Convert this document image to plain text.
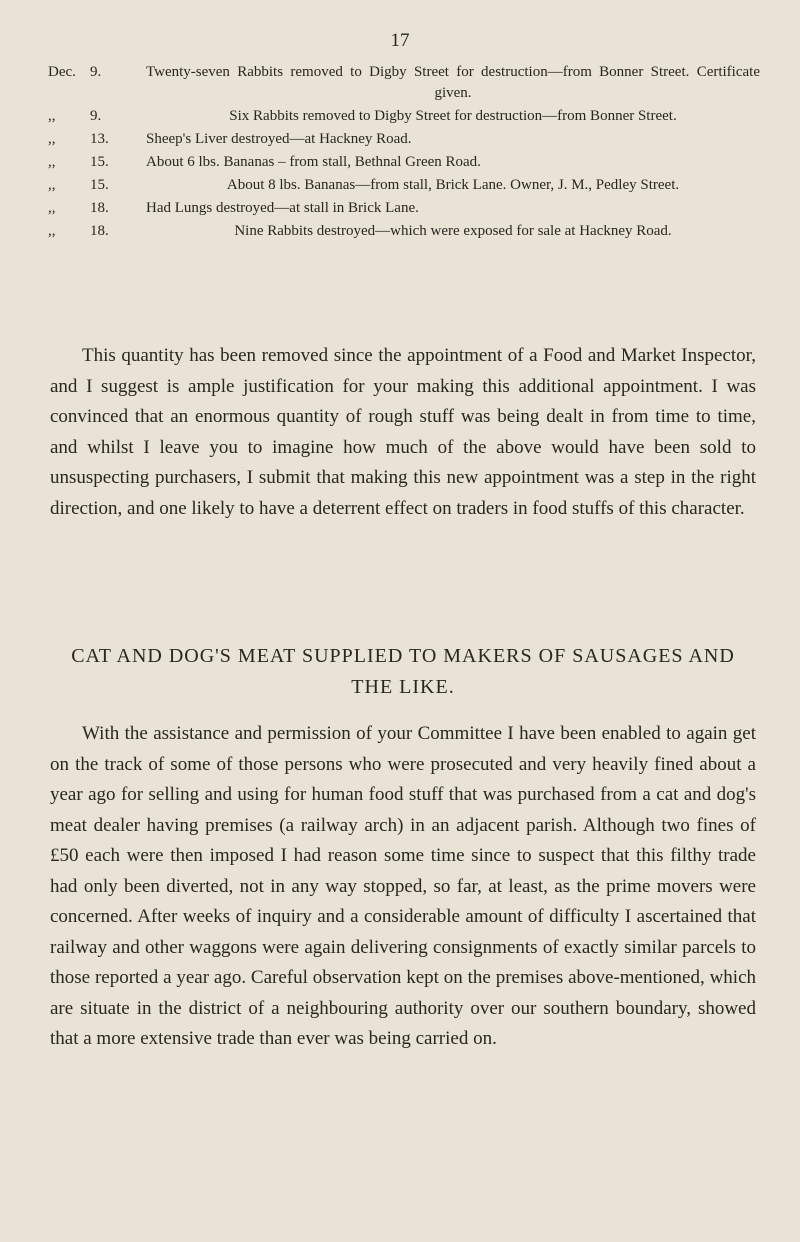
17
Dec. 9.	Twenty-seven Rabbits removed to Digby Street for destruction—from Bonner Street. Certificate given.
,,	9.	Six Rabbits removed to Digby Street for destruction—from Bonner Street.
,,	13.	Sheep's Liver destroyed—at Hackney Road.
,,	15.	About 6 lbs. Bananas – from stall, Bethnal Green Road.
,,	15.	About 8 lbs. Bananas—from stall, Brick Lane. Owner, J. M., Pedley Street.
,,	18.	Had Lungs destroyed—at stall in Brick Lane.
,,	18.	Nine Rabbits destroyed—which were exposed for sale at Hackney Road.

This quantity has been removed since the appointment of a Food and Market Inspector, and I suggest is ample justification for your making this additional appointment. I was convinced that an enormous quantity of rough stuff was being dealt in from time to time, and whilst I leave you to imagine how much of the above would have been sold to unsuspecting purchasers, I submit that making this new appointment was a step in the right direction, and one likely to have a deterrent effect on traders in food stuffs of this character.

CAT AND DOG'S MEAT SUPPLIED TO MAKERS OF SAUSAGES AND THE LIKE.

With the assistance and permission of your Committee I have been enabled to again get on the track of some of those persons who were prosecuted and very heavily fined about a year ago for selling and using for human food stuff that was purchased from a cat and dog's meat dealer having premises (a railway arch) in an adjacent parish. Although two fines of £50 each were then imposed I had reason some time since to suspect that this filthy trade had only been diverted, not in any way stopped, so far, at least, as the prime movers were concerned. After weeks of inquiry and a considerable amount of difficulty I ascertained that railway and other waggons were again delivering consignments of exactly similar parcels to those reported a year ago. Careful observation kept on the premises above-mentioned, which are situate in the district of a neighbouring authority over our southern boundary, showed that a more extensive trade than ever was being carried on.
